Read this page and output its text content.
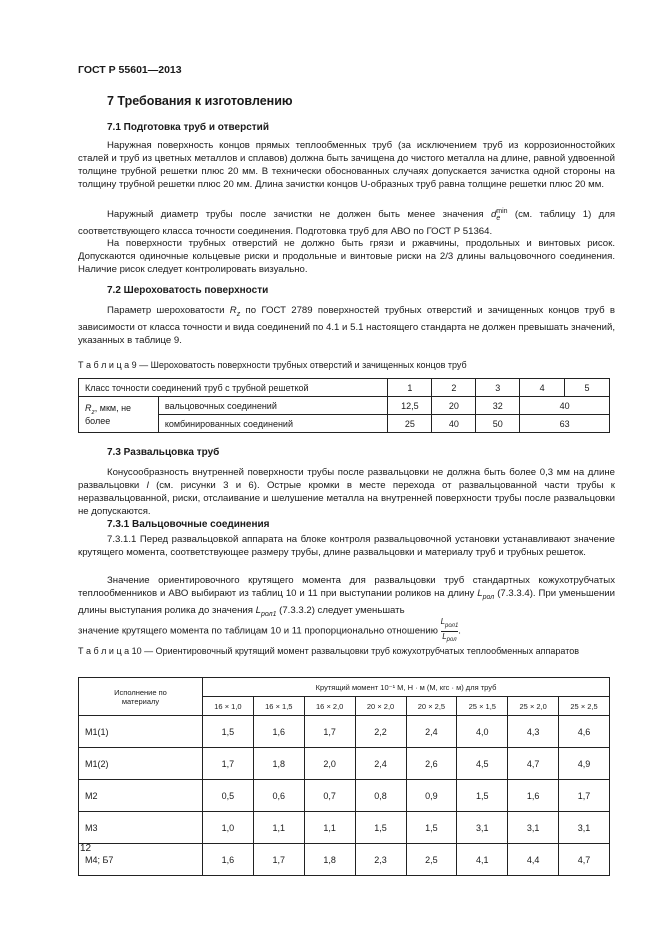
ГОСТ Р 55601—2013
7 Требования к изготовлению
7.1 Подготовка труб и отверстий
Наружная поверхность концов прямых теплообменных труб (за исключением труб из коррозионностойких сталей и труб из цветных металлов и сплавов) должна быть зачищена до чистого металла на длине, равной удвоенной толщине трубной решетки плюс 20 мм. В технически обоснованных случаях допускается зачистка одной стороны на толщину трубной решетки плюс 20 мм. Длина зачистки концов U-образных труб равна толщине решетки плюс 20 мм.
Наружный диаметр трубы после зачистки не должен быть менее значения $d_e^{min}$ (см. таблицу 1) для соответствующего класса точности соединения. Подготовка труб для АВО по ГОСТ Р 51364.
На поверхности трубных отверстий не должно быть грязи и ржавчины, продольных и винтовых рисок. Допускаются одиночные кольцевые риски и продольные и винтовые риски на 2/3 длины вальцовочного соединения. Наличие рисок следует контролировать визуально.
7.2 Шероховатость поверхности
Параметр шероховатости $R_z$ по ГОСТ 2789 поверхностей трубных отверстий и зачищенных концов труб в зависимости от класса точности и вида соединений по 4.1 и 5.1 настоящего стандарта не должен превышать значений, указанных в таблице 9.
Т а б л и ц а 9 — Шероховатость поверхности трубных отверстий и зачищенных концов труб
Класс точности соединений труб с трубной решеткой		1	2	3	4	5
$R_z$, мкм, не более	вальцовочных соединений	12,5	20	32	40	
	комбинированных соединений	25	40	50	63	
7.3 Развальцовка труб
Конусообразность внутренней поверхности трубы после развальцовки не должна быть более 0,3 мм на длине развальцовки l (см. рисунки 3 и 6). Острые кромки в месте перехода от развальцованной части трубы к неразвальцованной, риски, отслаивание и шелушение металла на внутренней поверхности трубы после развальцовки не допускаются.
7.3.1 Вальцовочные соединения
7.3.1.1 Перед развальцовкой аппарата на блоке контроля развальцовочной установки устанавливают значение крутящего момента, соответствующее размеру трубы, длине развальцовки и материалу труб и трубных решеток.
Значение ориентировочного крутящего момента для развальцовки труб стандартных кожухотрубчатых теплообменников и АВО выбирают из таблиц 10 и 11 при выступании роликов на длину $L_{рол}$ (7.3.3.4). При уменьшении длины выступания ролика до значения $L_{рол1}$ (7.3.3.2) следует уменьшать
значение крутящего момента по таблицам 10 и 11 пропорционально отношению $\frac{L_{рол1}}{L_{рол}}$ .
Т а б л и ц а 10 — Ориентировочный крутящий момент развальцовки труб кожухотрубчатых теплообменных аппаратов
Исполнение по материалу	Крутящий момент 10⁻¹ М, Н · м (М, кгс · м) для труб							
	16 × 1,0	16 × 1,5	16 × 2,0	20 × 2,0	20 × 2,5	25 × 1,5	25 × 2,0	25 × 2,5
М1(1)	1,5	1,6	1,7	2,2	2,4	4,0	4,3	4,6
М1(2)	1,7	1,8	2,0	2,4	2,6	4,5	4,7	4,9
М2	0,5	0,6	0,7	0,8	0,9	1,5	1,6	1,7
М3	1,0	1,1	1,1	1,5	1,5	3,1	3,1	3,1
М4; Б7	1,6	1,7	1,8	2,3	2,5	4,1	4,4	4,7
12
